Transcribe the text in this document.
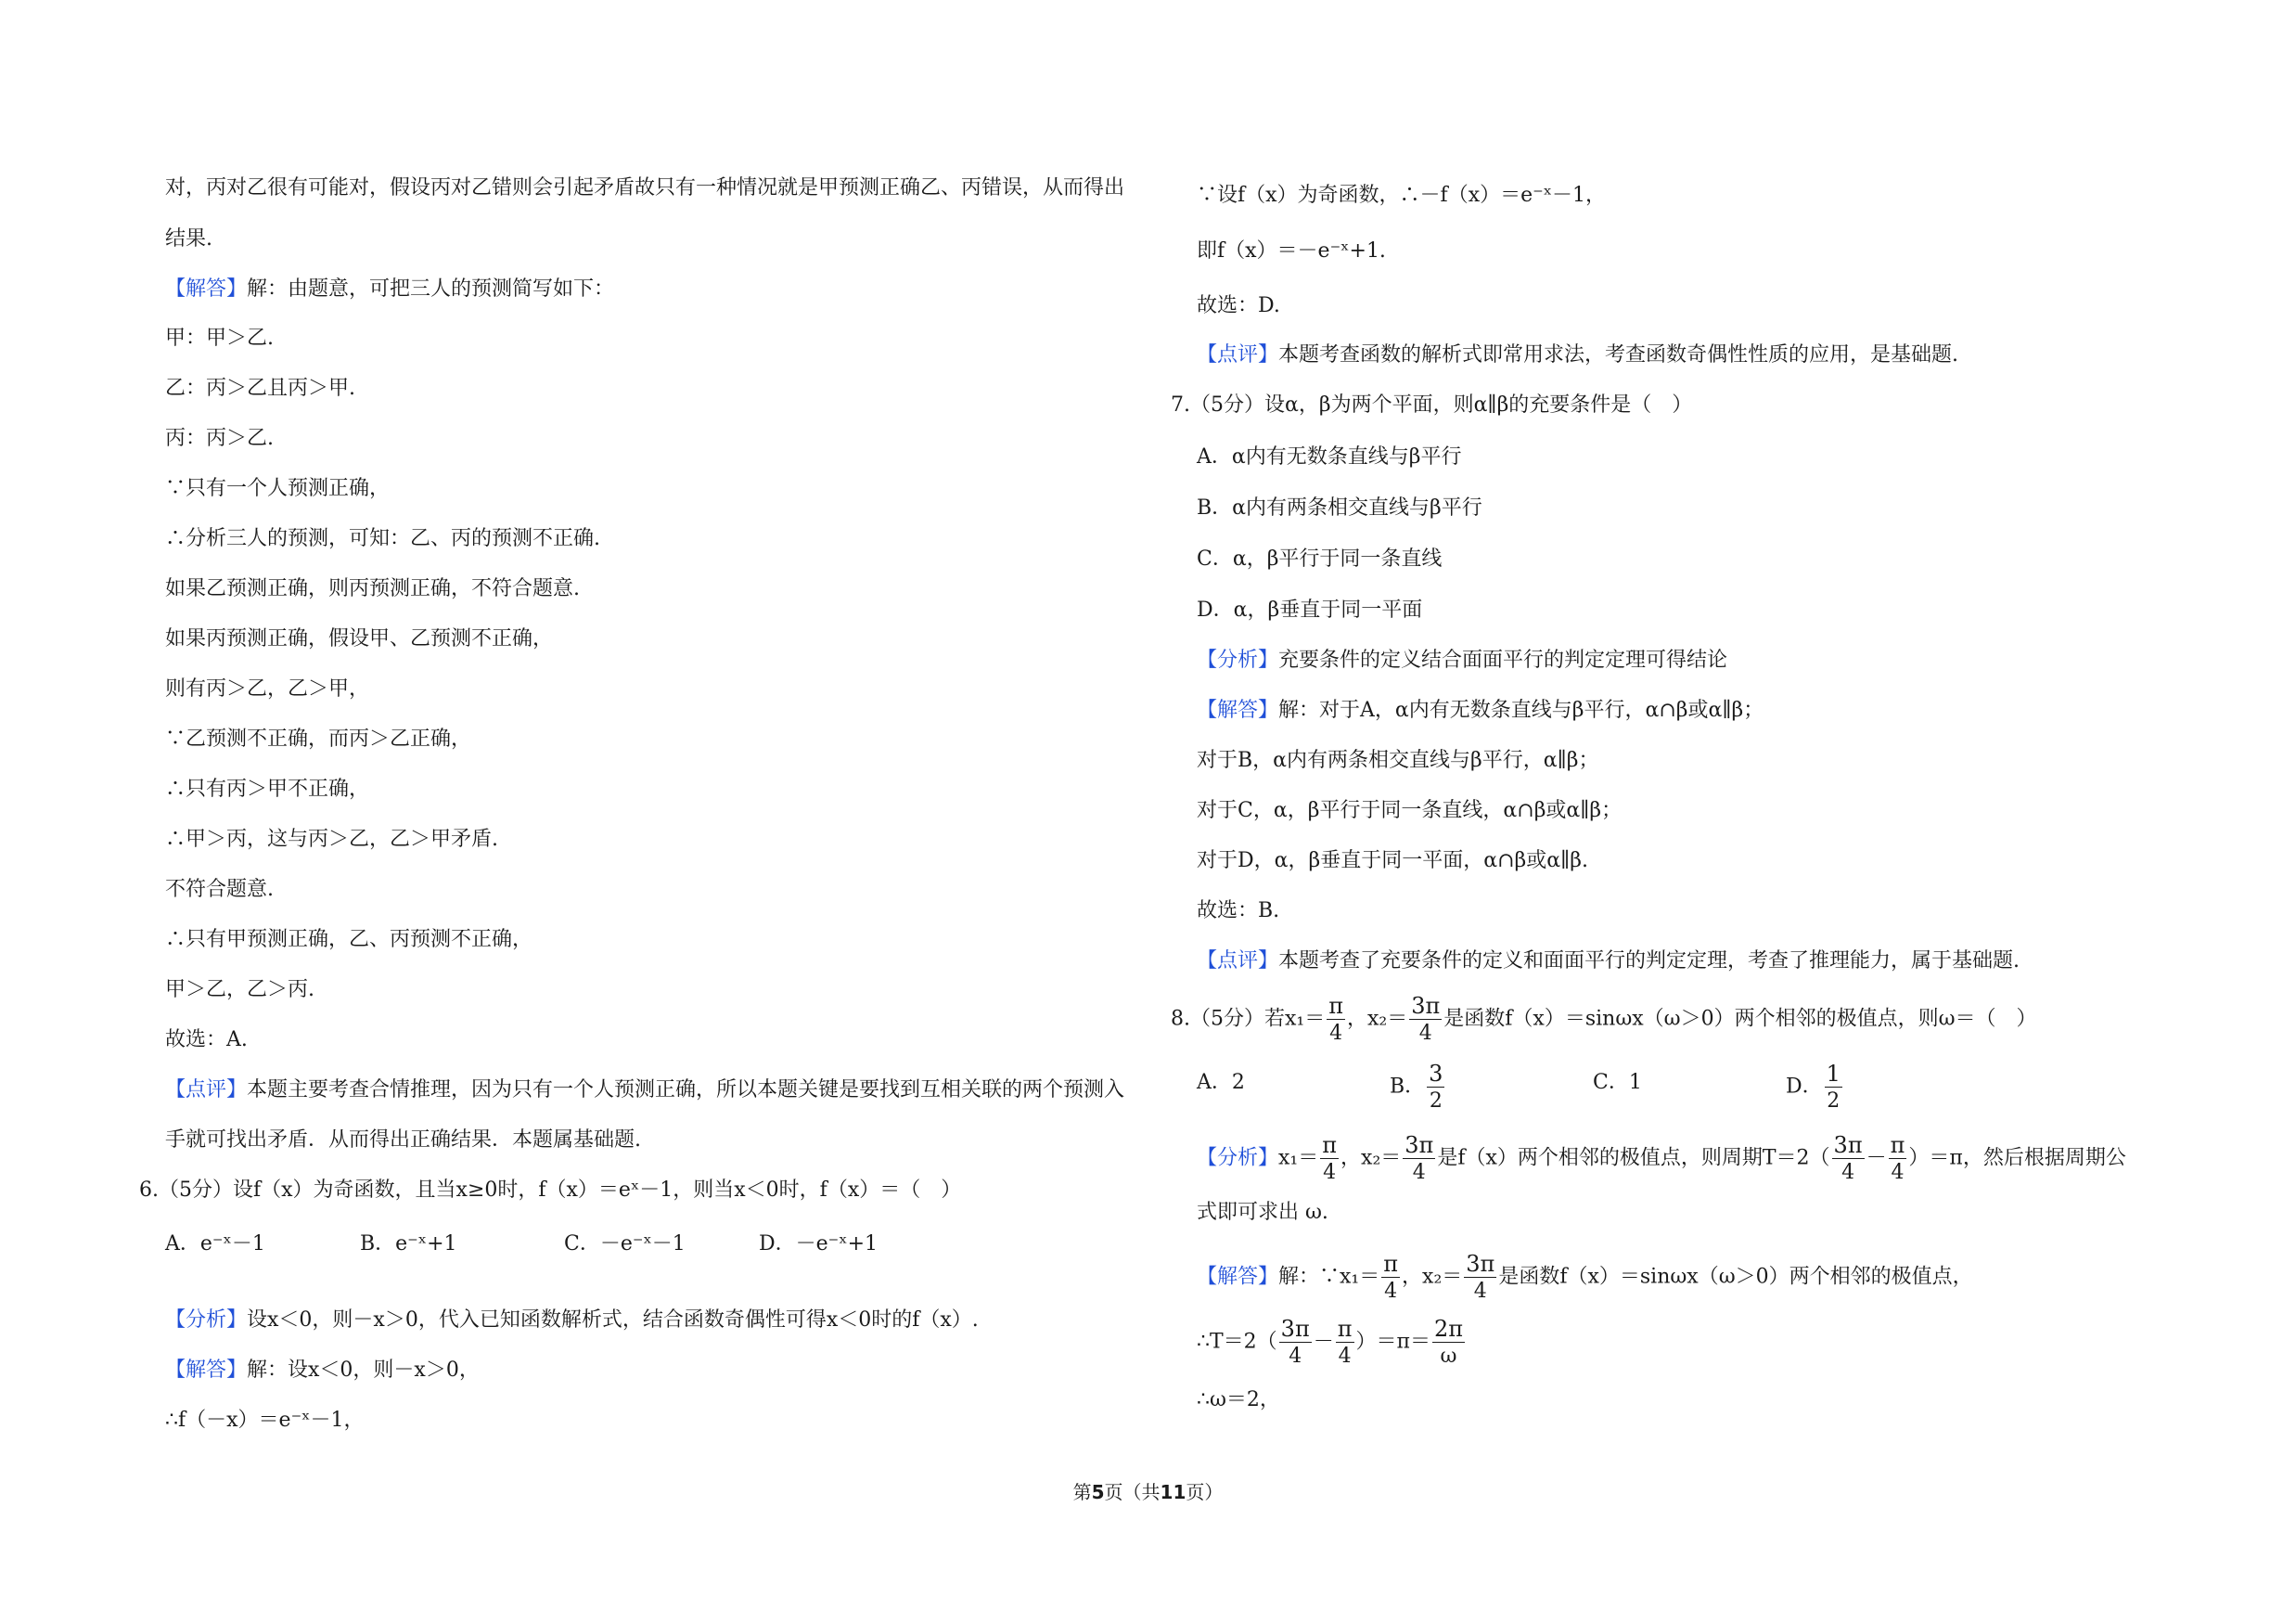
对，丙对乙很有可能对，假设丙对乙错则会引起矛盾故只有一种情况就是甲预测正确乙、丙错误，从而得出
结果.
【解答】解：由题意，可把三人的预测简写如下：
甲：甲＞乙.
乙：丙＞乙且丙＞甲.
丙：丙＞乙.
∵只有一个人预测正确，
∴分析三人的预测，可知：乙、丙的预测不正确.
如果乙预测正确，则丙预测正确，不符合题意.
如果丙预测正确，假设甲、乙预测不正确，
则有丙＞乙，乙＞甲，
∵乙预测不正确，而丙＞乙正确，
∴只有丙＞甲不正确，
∴甲＞丙，这与丙＞乙，乙＞甲矛盾.
不符合题意.
∴只有甲预测正确，乙、丙预测不正确，
甲＞乙，乙＞丙.
故选：A.
【点评】本题主要考查合情推理，因为只有一个人预测正确，所以本题关键是要找到互相关联的两个预测入
手就可找出矛盾．从而得出正确结果．本题属基础题.
6.（5分）设f（x）为奇函数，且当x≥0时，f（x）＝eˣ－1，则当x＜0时，f（x）＝（　）
【分析】设x＜0，则－x＞0，代入已知函数解析式，结合函数奇偶性可得x＜0时的f（x）.
【解答】解：设x＜0，则－x＞0，
∴f（－x）＝e⁻ˣ－1，
∵设f（x）为奇函数，∴－f（x）＝e⁻ˣ－1，
即f（x）＝－e⁻ˣ+1.
故选：D.
【点评】本题考查函数的解析式即常用求法，考查函数奇偶性性质的应用，是基础题.
7.（5分）设α，β为两个平面，则α∥β的充要条件是（　）
A．α内有无数条直线与β平行
B．α内有两条相交直线与β平行
C．α，β平行于同一条直线
D．α，β垂直于同一平面
【分析】充要条件的定义结合面面平行的判定定理可得结论
【解答】解：对于A，α内有无数条直线与β平行，α∩β或α∥β；
对于B，α内有两条相交直线与β平行，α∥β；
对于C，α，β平行于同一条直线，α∩β或α∥β；
对于D，α，β垂直于同一平面，α∩β或α∥β.
故选：B.
【点评】本题考查了充要条件的定义和面面平行的判定定理，考查了推理能力，属于基础题.
式即可求出 ω.
∴ω＝2，
A．e⁻ˣ－1	B．e⁻ˣ+1	C．－e⁻ˣ－1	D．－e⁻ˣ+1
8.（5分）若$x_1= \frac{\pi}{4}$ ，$x_2= \frac{3\pi}{4}$ 是函数f（x）＝sinωx（ω＞0）两个相邻的极值点，则ω＝（　）
A．2	B． $\frac{3}{2}$	C．1	D． $\frac{1}{2}$
【分析】$x_1= \frac{\pi}{4}$ ，$x_2= \frac{3\pi}{4}$ 是f（x）两个相邻的极值点，则周期$T=2( \frac{3\pi}{4} - \frac{\pi}{4} )=\pi$，然后根据周期公
【解答】解：∵x₁＝ $\frac{\pi}{4}$ ，$x_2= \frac{3\pi}{4}$ 是函数f（x）＝sinωx（ω＞0）两个相邻的极值点，
∴T＝2（ $\frac{3\pi}{4} - \frac{\pi}{4} )=\pi= \frac{2\pi}{\omega}$
第5页（共11页）
